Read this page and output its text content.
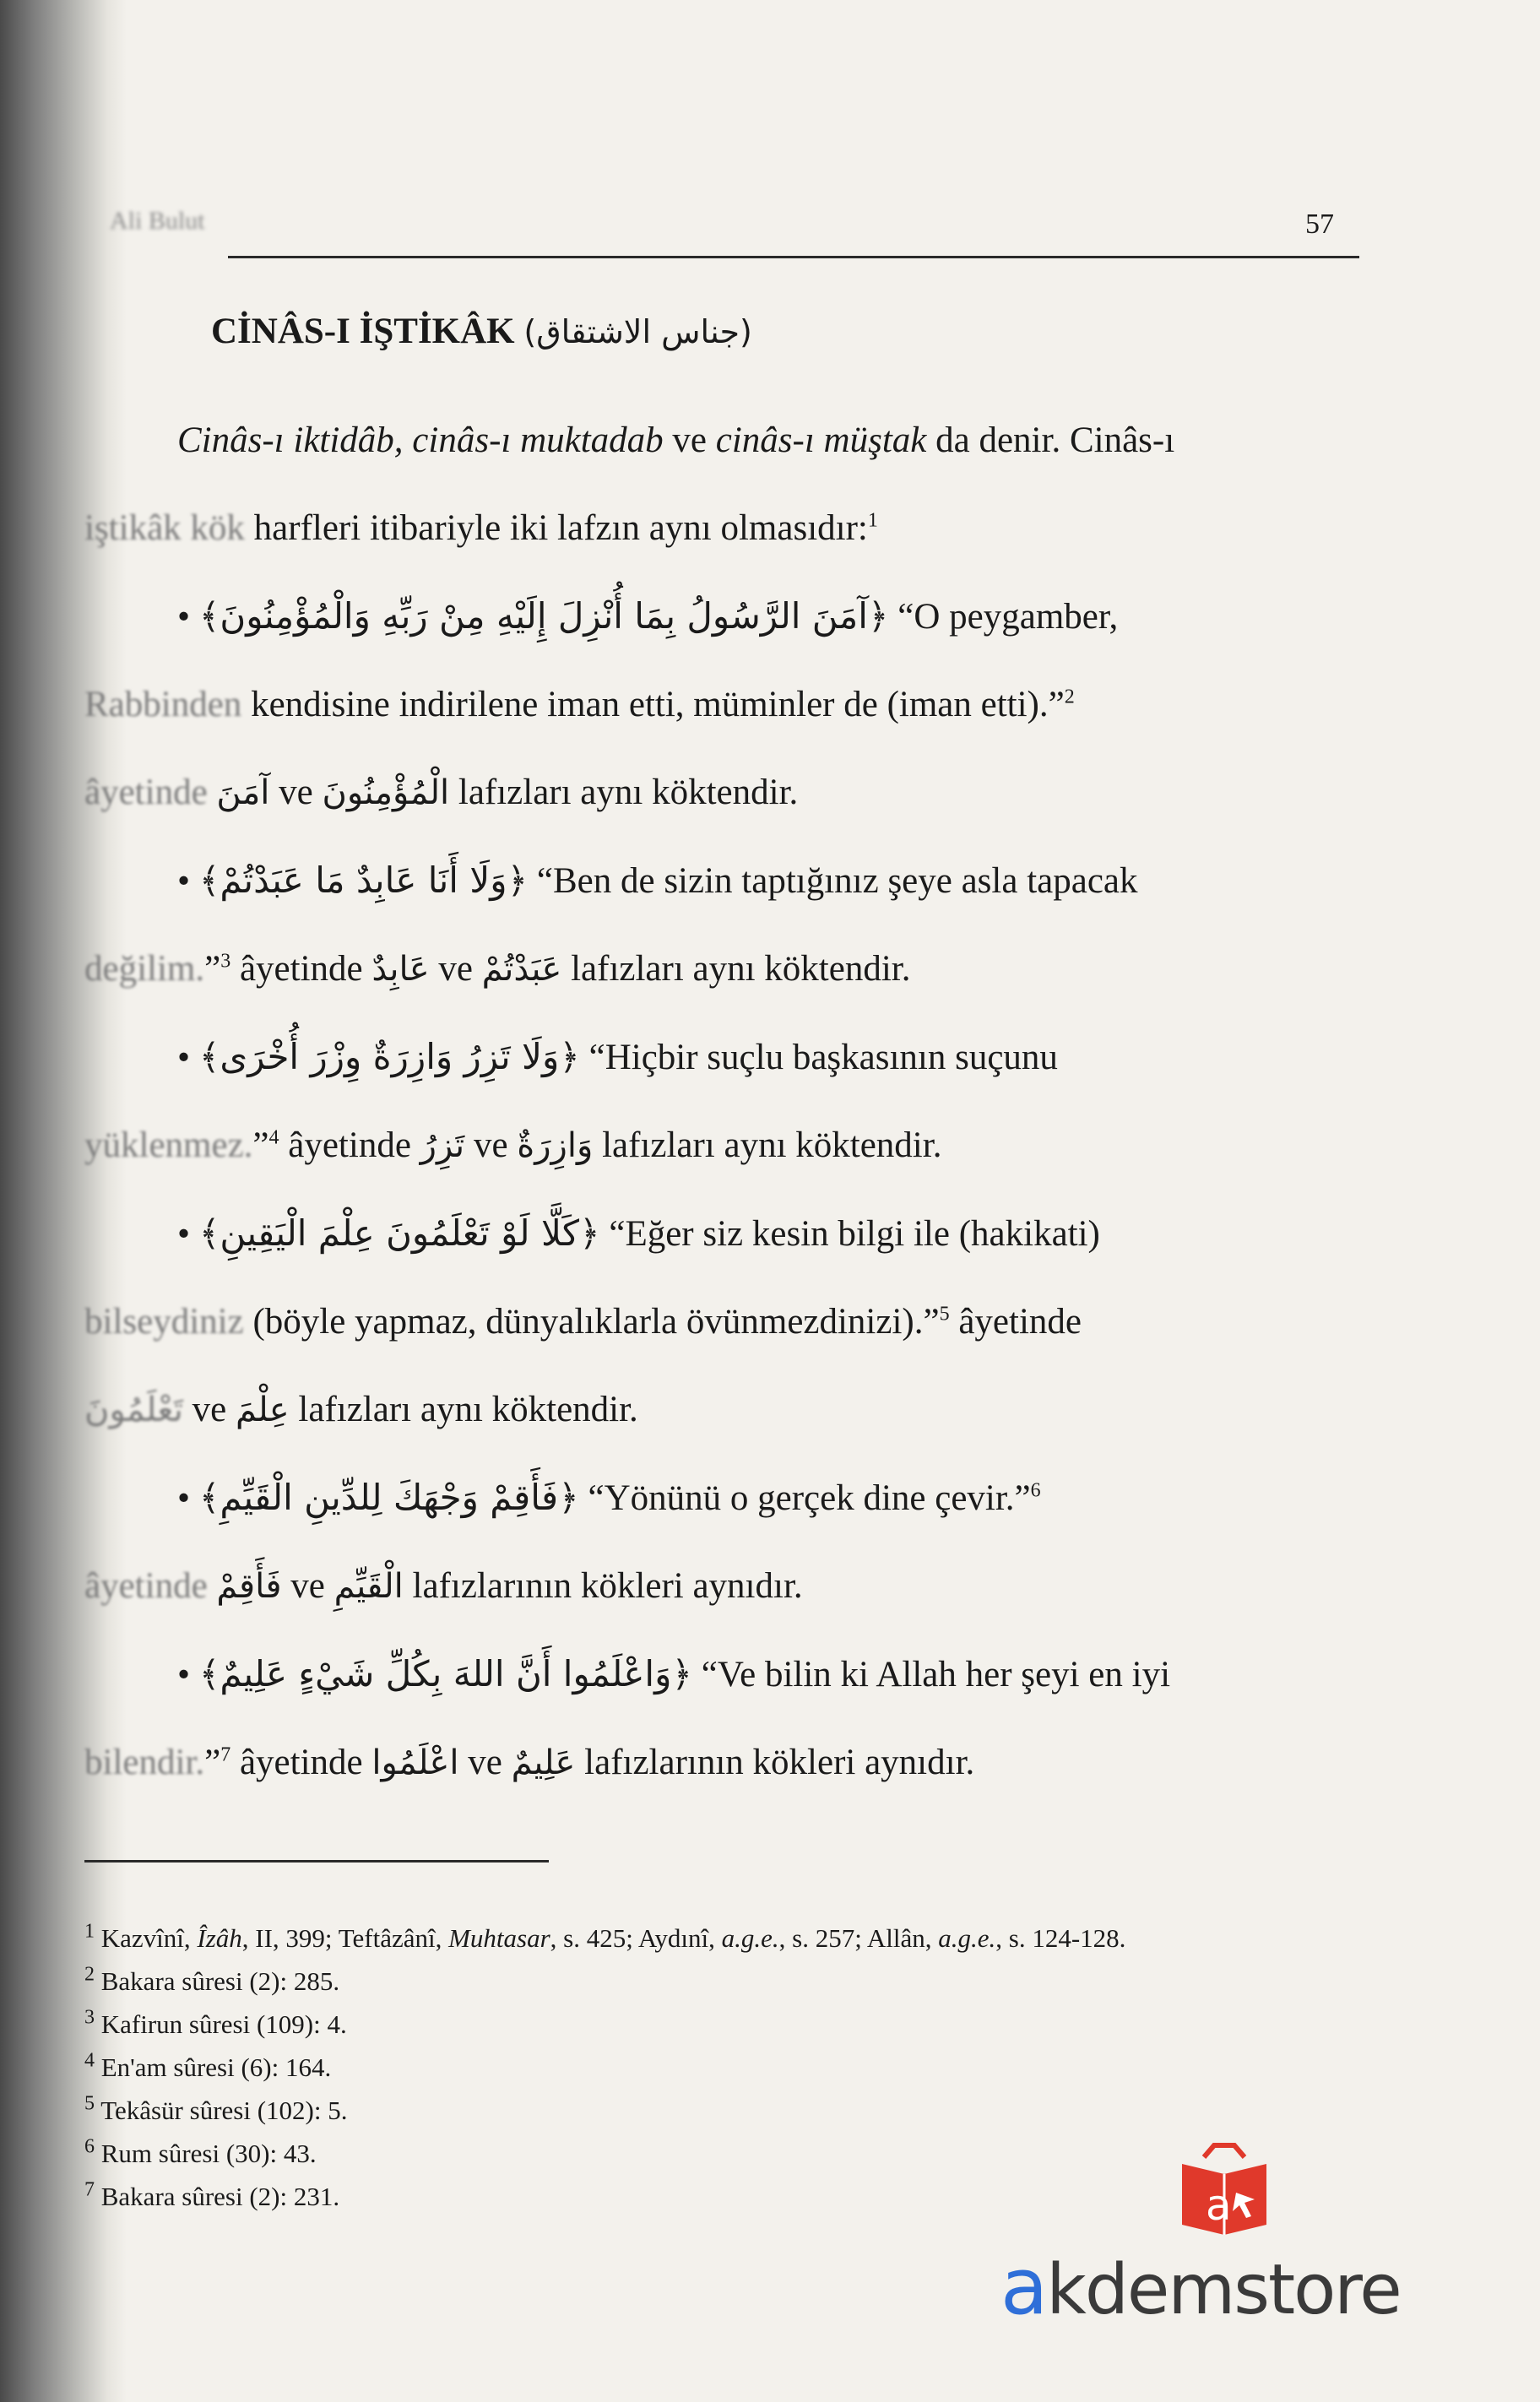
Ali Bulut	57
CİNÂS-I İŞTİKÂK (جناس الاشتقاق)

Cinâs-ı iktidâb, cinâs-ı muktadab ve cinâs-ı müştak da denir. Cinâs-ı
iştikâk kök harfleri itibariyle iki lafzın aynı olmasıdır:$^1$

• ﴿آمَنَ الرَّسُولُ بِمَا أُنْزِلَ إِلَيْهِ مِنْ رَبِّهِ وَالْمُؤْمِنُونَ﴾ “O peygamber,
Rabbinden kendisine indirilene iman etti, müminler de (iman etti).”$^2$
âyetinde آمَنَ ve الْمُؤْمِنُونَ lafızları aynı köktendir.

• ﴿وَلَا أَنَا عَابِدٌ مَا عَبَدْتُمْ﴾ “Ben de sizin taptığınız şeye asla tapacak
değilim.”$^3$ âyetinde عَابِدٌ ve عَبَدْتُمْ lafızları aynı köktendir.

• ﴿وَلَا تَزِرُ وَازِرَةٌ وِزْرَ أُخْرَى﴾ “Hiçbir suçlu başkasının suçunu
yüklenmez.”$^4$ âyetinde تَزِرُ ve وَازِرَةٌ lafızları aynı köktendir.

• ﴿كَلَّا لَوْ تَعْلَمُونَ عِلْمَ الْيَقِينِ﴾ “Eğer siz kesin bilgi ile (hakikati)
bilseydiniz (böyle yapmaz, dünyalıklarla övünmezdinizi).”$^5$ âyetinde
تَعْلَمُونَ ve عِلْمَ lafızları aynı köktendir.

• ﴿فَأَقِمْ وَجْهَكَ لِلدِّينِ الْقَيِّمِ﴾ “Yönünü o gerçek dine çevir.”$^6$
âyetinde فَأَقِمْ ve الْقَيِّمِ lafızlarının kökleri aynıdır.

• ﴿وَاعْلَمُوا أَنَّ اللهَ بِكُلِّ شَيْءٍ عَلِيمٌ﴾ “Ve bilin ki Allah her şeyi en iyi
bilendir.”$^7$ âyetinde اعْلَمُوا ve عَلِيمٌ lafızlarının kökleri aynıdır.

$^1$ Kazvînî, Îzâh, II, 399; Teftâzânî, Muhtasar, s. 425; Aydınî, a.g.e., s. 257; Allân, a.g.e., s. 124-128.
$^2$ Bakara sûresi (2): 285.
$^3$ Kafirun sûresi (109): 4.
$^4$ En'am sûresi (6): 164.
$^5$ Tekâsür sûresi (102): 5.
$^6$ Rum sûresi (30): 43.
$^7$ Bakara sûresi (2): 231.	a
akdemstore
